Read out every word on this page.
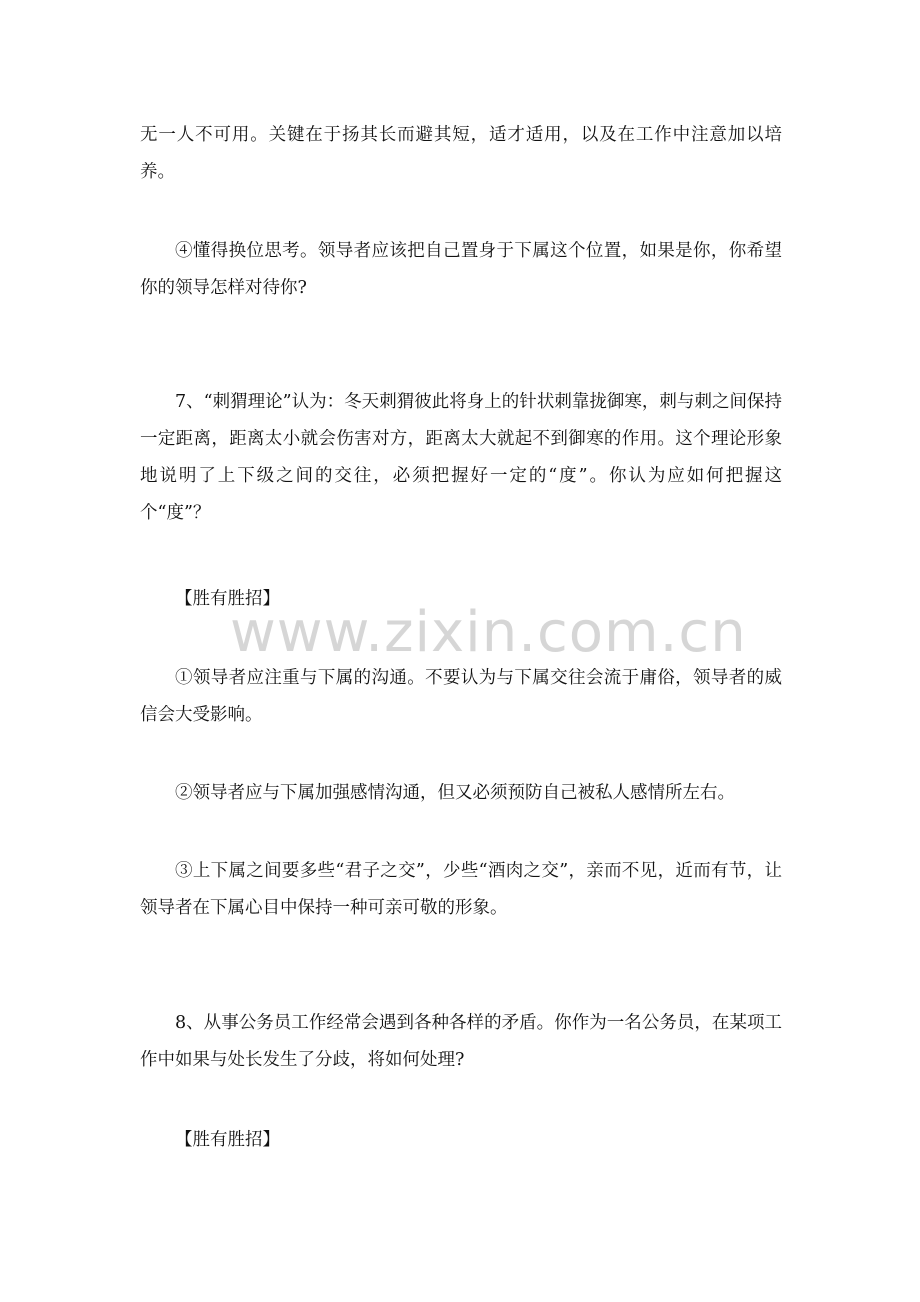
无一人不可用。关键在于扬其长而避其短，适才适用，以及在工作中注意加以培养。

④懂得换位思考。领导者应该把自己置身于下属这个位置，如果是你，你希望你的领导怎样对待你?

7、“刺猬理论”认为：冬天刺猬彼此将身上的针状刺靠拢御寒，刺与刺之间保持一定距离，距离太小就会伤害对方，距离太大就起不到御寒的作用。这个理论形象地说明了上下级之间的交往，必须把握好一定的“度”。你认为应如何把握这个“度”？

【胜有胜招】

①领导者应注重与下属的沟通。不要认为与下属交往会流于庸俗，领导者的威信会大受影响。

②领导者应与下属加强感情沟通，但又必须预防自己被私人感情所左右。

③上下属之间要多些“君子之交”，少些“酒肉之交”，亲而不见，近而有节，让领导者在下属心目中保持一种可亲可敬的形象。

8、从事公务员工作经常会遇到各种各样的矛盾。你作为一名公务员，在某项工作中如果与处长发生了分歧，将如何处理?

【胜有胜招】

www.zixin.com.cn
